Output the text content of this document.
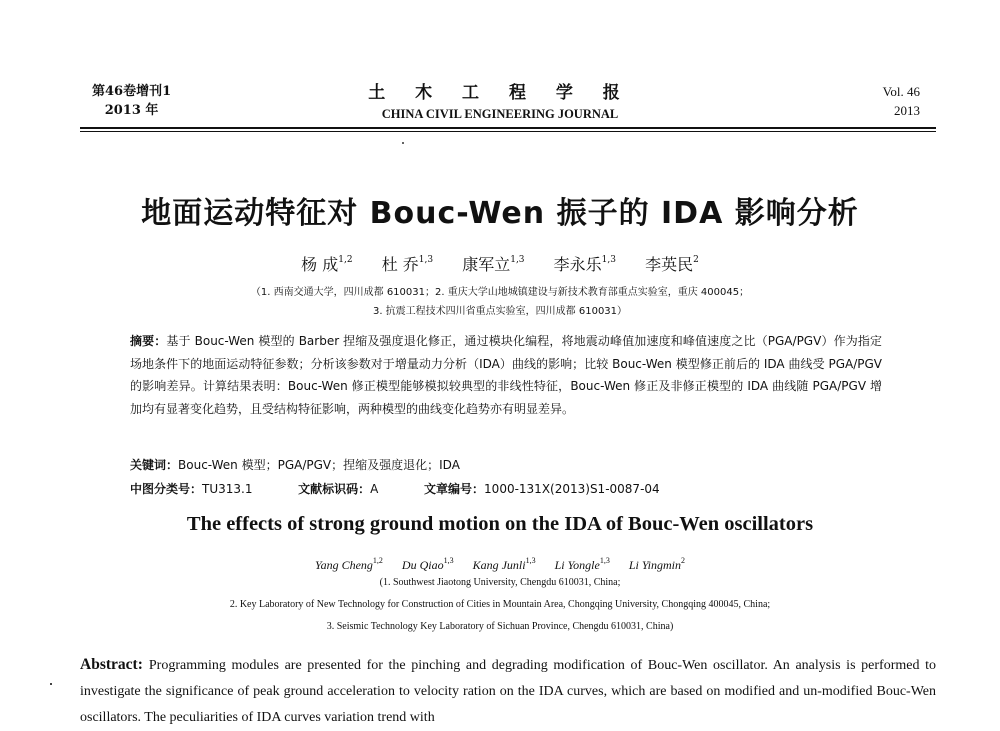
第46卷增刊1
2013 年
土 木 工 程 学 报
CHINA CIVIL ENGINEERING JOURNAL
Vol. 46
2013
地面运动特征对 Bouc-Wen 振子的 IDA 影响分析
杨 成$^{1,2}$ 杜 乔$^{1,3}$ 康军立$^{1,3}$ 李永乐$^{1,3}$ 李英民$^2$
（1. 西南交通大学，四川成都 610031；2. 重庆大学山地城镇建设与新技术教育部重点实验室，重庆 400045；
3. 抗震工程技术四川省重点实验室，四川成都 610031）
摘要：基于 Bouc-Wen 模型的 Barber 捏缩及强度退化修正，通过模块化编程，将地震动峰值加速度和峰值速度之比（PGA/PGV）作为指定场地条件下的地面运动特征参数；分析该参数对于增量动力分析（IDA）曲线的影响；比较 Bouc-Wen 模型修正前后的 IDA 曲线受 PGA/PGV 的影响差异。计算结果表明：Bouc-Wen 修正模型能够模拟较典型的非线性特征，Bouc-Wen 修正及非修正模型的 IDA 曲线随 PGA/PGV 增加均有显著变化趋势，且受结构特征影响，两种模型的曲线变化趋势亦有明显差异。
关键词：Bouc-Wen 模型；PGA/PGV；捏缩及强度退化；IDA
中图分类号：TU313.1	文献标识码：A	文章编号：1000-131X(2013)S1-0087-04
The effects of strong ground motion on the IDA of Bouc-Wen oscillators
Yang Cheng$^{1,2}$ Du Qiao$^{1,3}$ Kang Junli$^{1,3}$ Li Yongle$^{1,3}$ Li Yingmin$^2$
(1. Southwest Jiaotong University, Chengdu 610031, China;
2. Key Laboratory of New Technology for Construction of Cities in Mountain Area, Chongqing University, Chongqing 400045, China;
3. Seismic Technology Key Laboratory of Sichuan Province, Chengdu 610031, China)
Abstract: Programming modules are presented for the pinching and degrading modification of Bouc-Wen oscillator. An analysis is performed to investigate the significance of peak ground acceleration to velocity ration on the IDA curves, which are based on modified and un-modified Bouc-Wen oscillators. The peculiarities of IDA curves variation trend with
